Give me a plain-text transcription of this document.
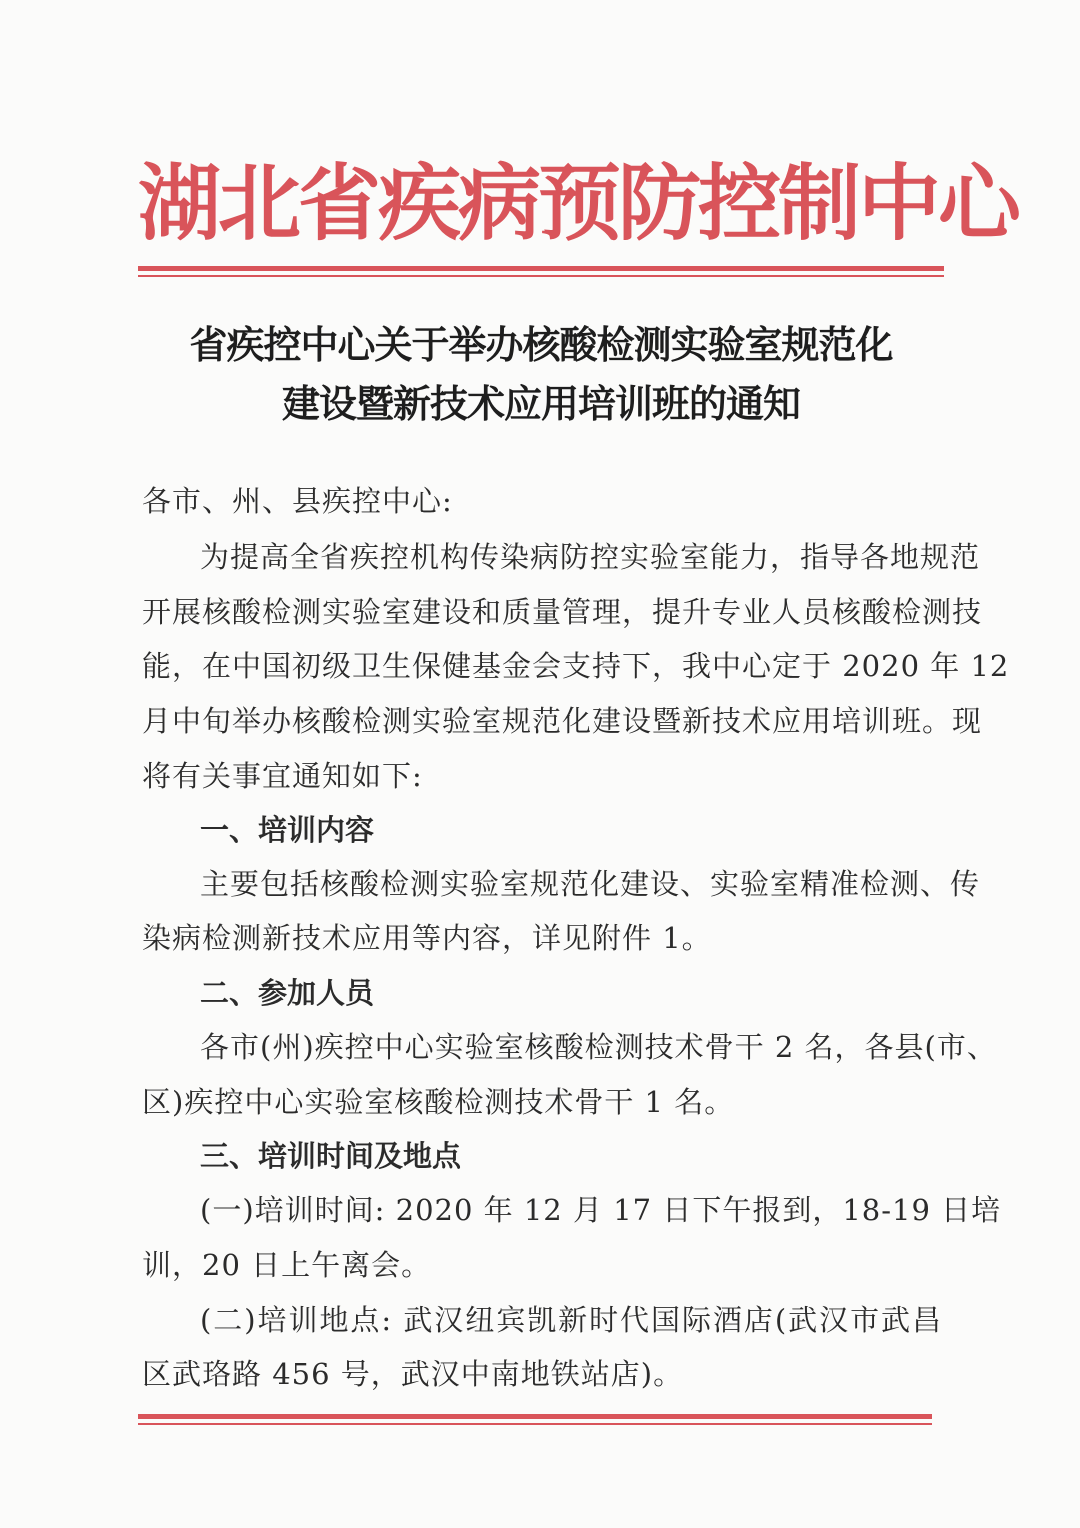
湖北省疾病预防控制中心
省疾控中心关于举办核酸检测实验室规范化
建设暨新技术应用培训班的通知
各市、州、县疾控中心:
为提高全省疾控机构传染病防控实验室能力，指导各地规范
开展核酸检测实验室建设和质量管理，提升专业人员核酸检测技
能，在中国初级卫生保健基金会支持下，我中心定于 2020 年 12
月中旬举办核酸检测实验室规范化建设暨新技术应用培训班。现
将有关事宜通知如下:
一、培训内容
主要包括核酸检测实验室规范化建设、实验室精准检测、传
染病检测新技术应用等内容，详见附件 1。
二、参加人员
各市(州)疾控中心实验室核酸检测技术骨干 2 名，各县(市、
区)疾控中心实验室核酸检测技术骨干 1 名。
三、培训时间及地点
(一)培训时间: 2020 年 12 月 17 日下午报到，18-19 日培
训，20 日上午离会。
(二)培训地点: 武汉纽宾凯新时代国际酒店(武汉市武昌
区武珞路 456 号，武汉中南地铁站店)。
